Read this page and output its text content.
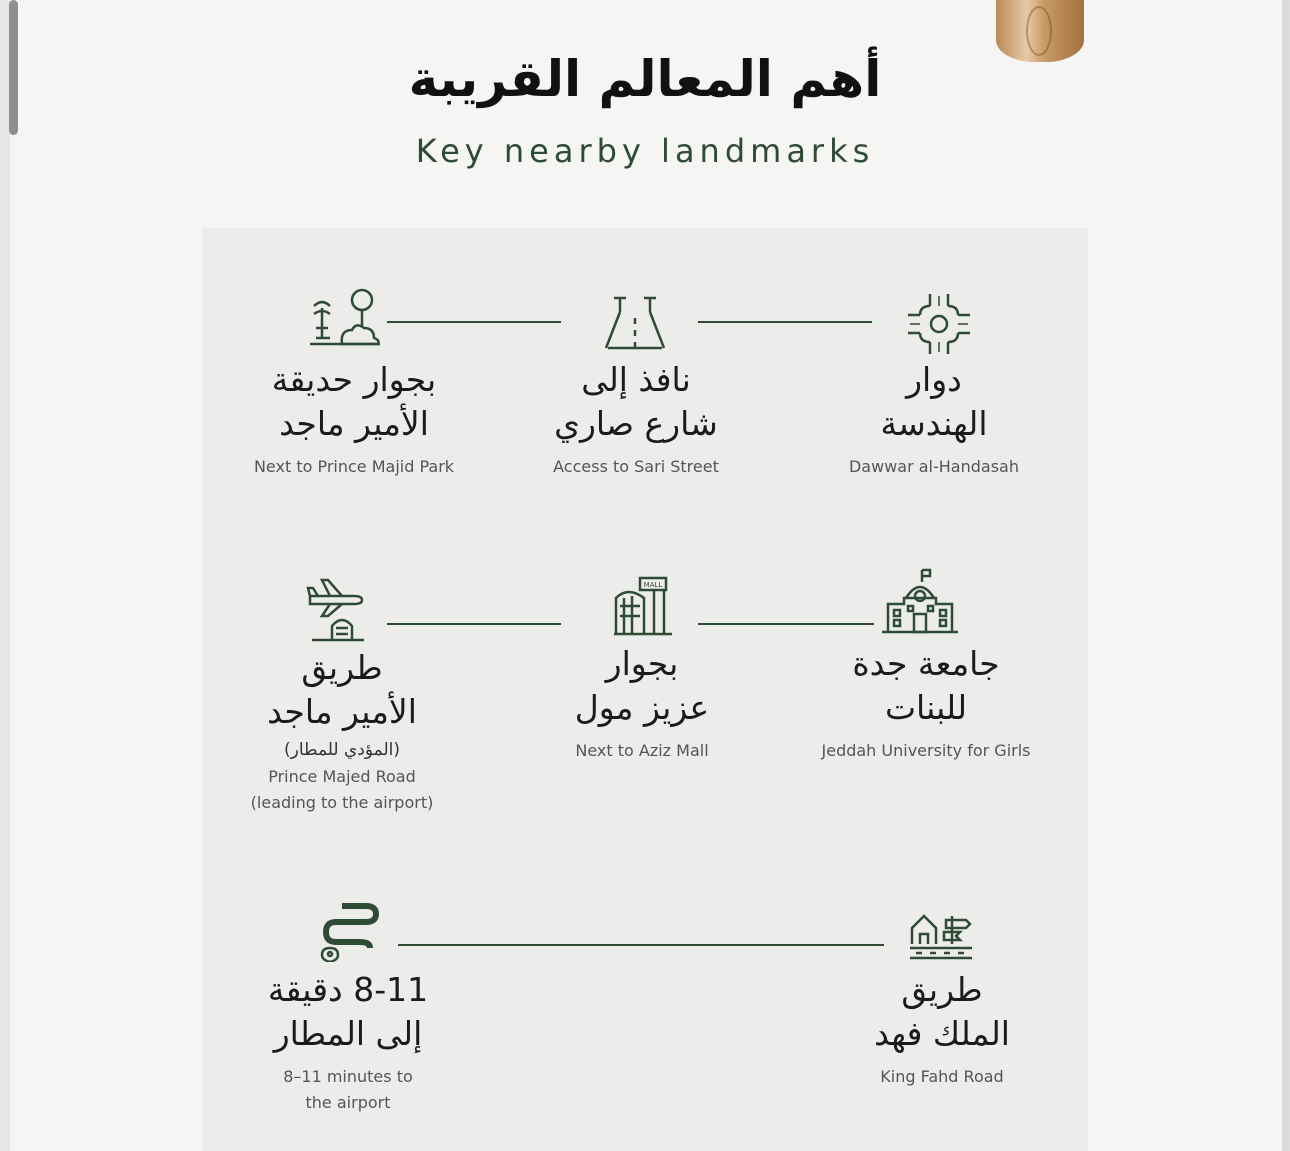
أهم المعالم القريبة
Key nearby landmarks
MALL
دوار
الهندسة
Dawwar al-Handasah
نافذ إلى
شارع صاري
Access to Sari Street
بجوار حديقة
الأمير ماجد
Next to Prince Majid Park
جامعة جدة
للبنات
Jeddah University for Girls
بجوار
عزيز مول
Next to Aziz Mall
طريق
الأمير ماجد
(المؤدي للمطار)
Prince Majed Road
(leading to the airport)
طريق
الملك فهد
King Fahd Road
8-11 دقيقة
إلى المطار
8–11 minutes to
the airport
